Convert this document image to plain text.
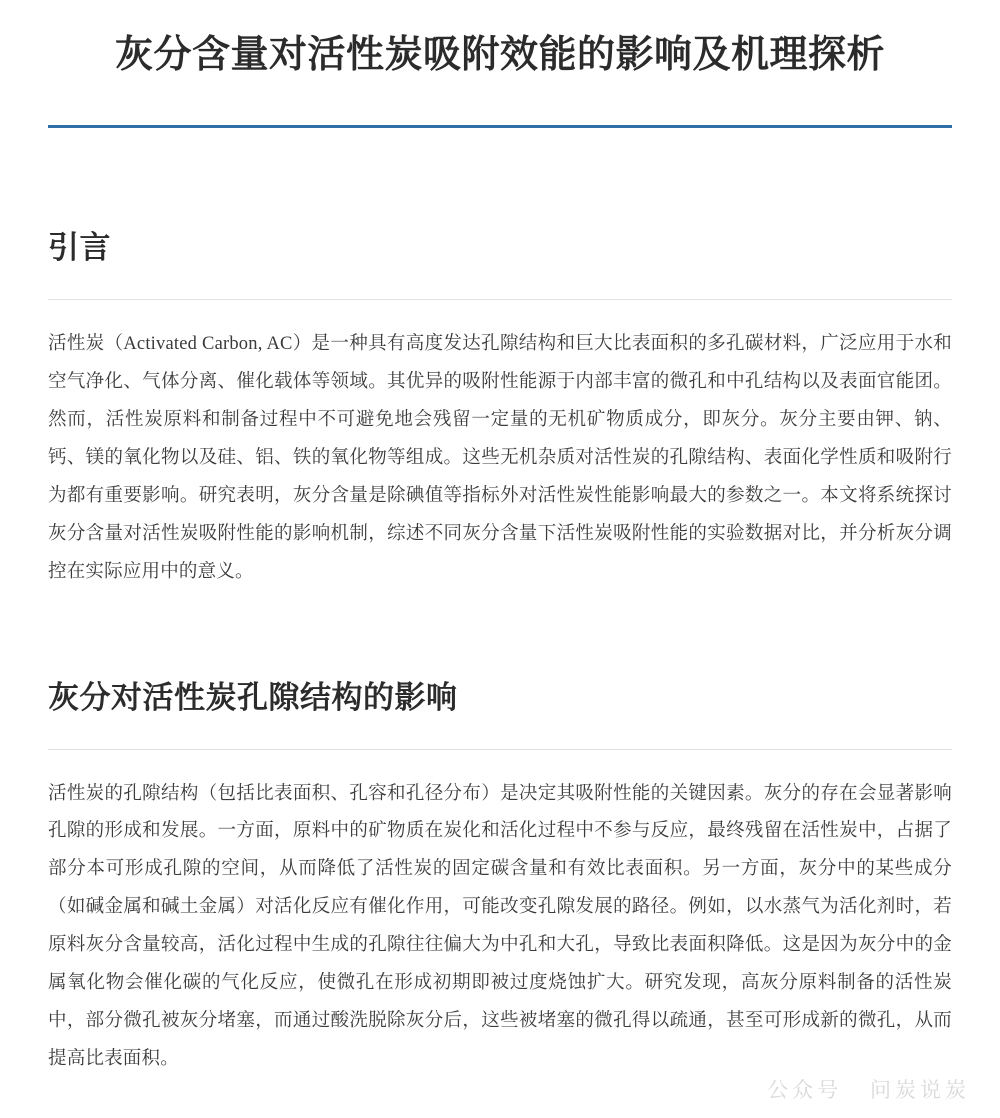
灰分含量对活性炭吸附效能的影响及机理探析
引言

活性炭（Activated Carbon, AC）是一种具有高度发达孔隙结构和巨大比表面积的多孔碳材料，广泛应用于水和空气净化、气体分离、催化载体等领域。其优异的吸附性能源于内部丰富的微孔和中孔结构以及表面官能团。然而，活性炭原料和制备过程中不可避免地会残留一定量的无机矿物质成分，即灰分。灰分主要由钾、钠、钙、镁的氧化物以及硅、铝、铁的氧化物等组成。这些无机杂质对活性炭的孔隙结构、表面化学性质和吸附行为都有重要影响。研究表明，灰分含量是除碘值等指标外对活性炭性能影响最大的参数之一。本文将系统探讨灰分含量对活性炭吸附性能的影响机制，综述不同灰分含量下活性炭吸附性能的实验数据对比，并分析灰分调控在实际应用中的意义。

灰分对活性炭孔隙结构的影响

活性炭的孔隙结构（包括比表面积、孔容和孔径分布）是决定其吸附性能的关键因素。灰分的存在会显著影响孔隙的形成和发展。一方面，原料中的矿物质在炭化和活化过程中不参与反应，最终残留在活性炭中，占据了部分本可形成孔隙的空间，从而降低了活性炭的固定碳含量和有效比表面积。另一方面，灰分中的某些成分（如碱金属和碱土金属）对活化反应有催化作用，可能改变孔隙发展的路径。例如，以水蒸气为活化剂时，若原料灰分含量较高，活化过程中生成的孔隙往往偏大为中孔和大孔，导致比表面积降低。这是因为灰分中的金属氧化物会催化碳的气化反应，使微孔在形成初期即被过度烧蚀扩大。研究发现，高灰分原料制备的活性炭中，部分微孔被灰分堵塞，而通过酸洗脱除灰分后，这些被堵塞的微孔得以疏通，甚至可形成新的微孔，从而提高比表面积。

公众号 问炭说炭
